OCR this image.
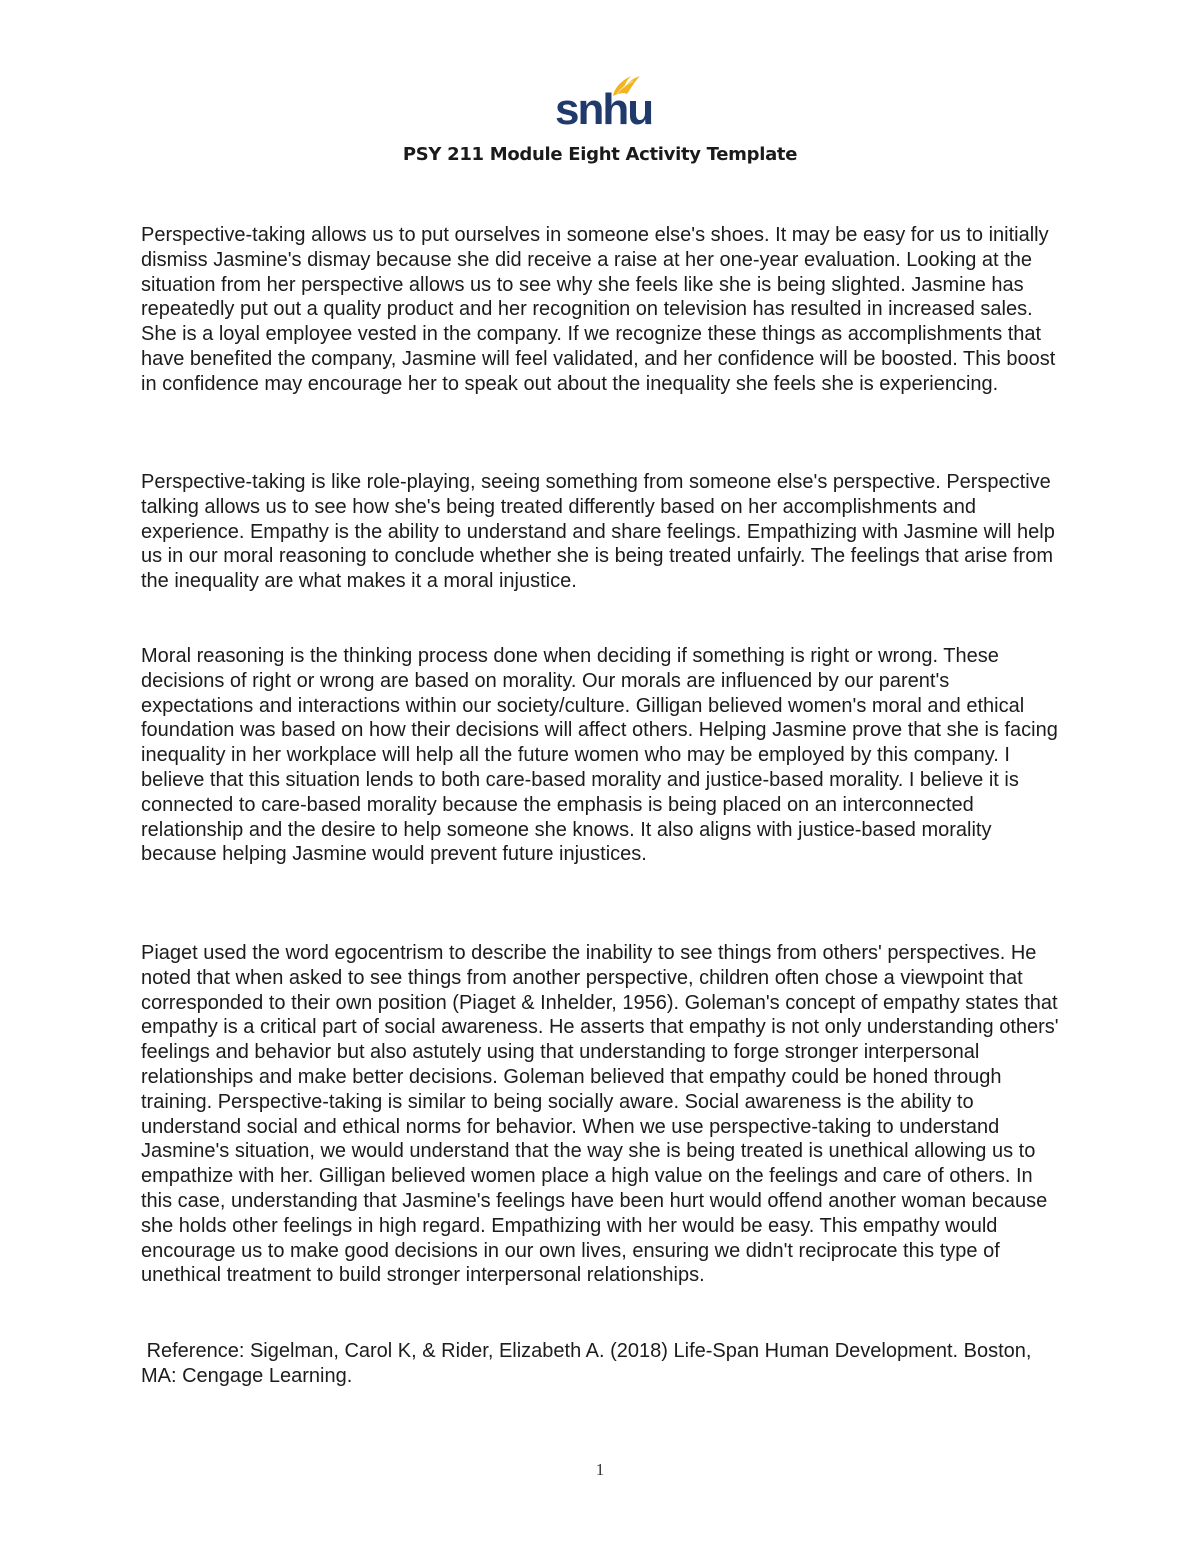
snhu
PSY 211 Module Eight Activity Template

Perspective-taking allows us to put ourselves in someone else's shoes. It may be easy for us to initially dismiss Jasmine's dismay because she did receive a raise at her one-year evaluation. Looking at the situation from her perspective allows us to see why she feels like she is being slighted. Jasmine has repeatedly put out a quality product and her recognition on television has resulted in increased sales. She is a loyal employee vested in the company. If we recognize these things as accomplishments that have benefited the company, Jasmine will feel validated, and her confidence will be boosted. This boost in confidence may encourage her to speak out about the inequality she feels she is experiencing.

Perspective-taking is like role-playing, seeing something from someone else's perspective. Perspective talking allows us to see how she's being treated differently based on her accomplishments and experience. Empathy is the ability to understand and share feelings. Empathizing with Jasmine will help us in our moral reasoning to conclude whether she is being treated unfairly. The feelings that arise from the inequality are what makes it a moral injustice.

Moral reasoning is the thinking process done when deciding if something is right or wrong. These decisions of right or wrong are based on morality. Our morals are influenced by our parent's expectations and interactions within our society/culture. Gilligan believed women's moral and ethical foundation was based on how their decisions will affect others. Helping Jasmine prove that she is facing inequality in her workplace will help all the future women who may be employed by this company. I believe that this situation lends to both care-based morality and justice-based morality. I believe it is connected to care-based morality because the emphasis is being placed on an interconnected relationship and the desire to help someone she knows. It also aligns with justice-based morality because helping Jasmine would prevent future injustices.

Piaget used the word egocentrism to describe the inability to see things from others' perspectives. He noted that when asked to see things from another perspective, children often chose a viewpoint that corresponded to their own position (Piaget & Inhelder, 1956). Goleman's concept of empathy states that empathy is a critical part of social awareness. He asserts that empathy is not only understanding others' feelings and behavior but also astutely using that understanding to forge stronger interpersonal relationships and make better decisions. Goleman believed that empathy could be honed through training. Perspective-taking is similar to being socially aware. Social awareness is the ability to understand social and ethical norms for behavior. When we use perspective-taking to understand Jasmine's situation, we would understand that the way she is being treated is unethical allowing us to empathize with her. Gilligan believed women place a high value on the feelings and care of others. In this case, understanding that Jasmine's feelings have been hurt would offend another woman because she holds other feelings in high regard. Empathizing with her would be easy. This empathy would encourage us to make good decisions in our own lives, ensuring we didn't reciprocate this type of unethical treatment to build stronger interpersonal relationships.

Reference: Sigelman, Carol K, & Rider, Elizabeth A. (2018) Life-Span Human Development. Boston, MA: Cengage Learning.

1
